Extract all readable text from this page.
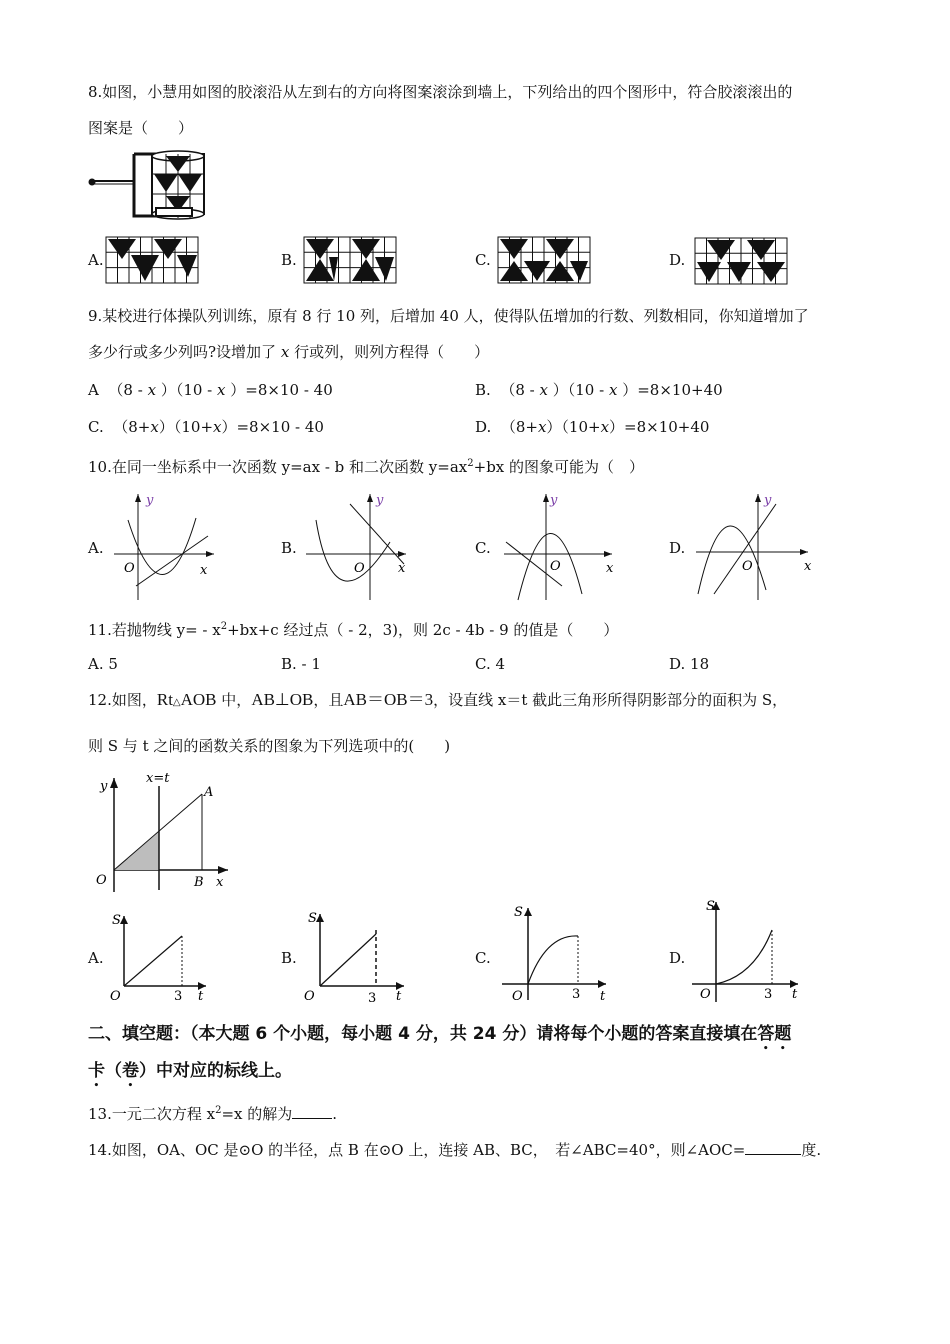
8.如图，小慧用如图的胶滚沿从左到右的方向将图案滚涂到墙上，下列给出的四个图形中，符合胶滚滚出的
图案是（　　）
A.	B.	C.	D.
9.某校进行体操队列训练，原有 8 行 10 列，后增加 40 人，使得队伍增加的行数、列数相同，你知道增加了
多少行或多少列吗?设增加了 x 行或列，则列方程得（　　）
A （8 - x ）（10 - x ）=8×10 - 40	B. （8 - x ）（10 - x ）=8×10+40
C. （8+x）（10+x）=8×10 - 40	D. （8+x）（10+x）=8×10+40
10.在同一坐标系中一次函数 y=ax - b 和二次函数 $y=ax^2+bx$ 的图象可能为（　）
A.
y
x
O
B.
y
x
O
C.
y
x
O
D.
y
x
O
11.若抛物线 $y= - x^2+bx+c$ 经过点（ - 2，3)，则 2c - 4b - 9 的值是（　　）
A. 5	B. - 1	C. 4	D. 18
12.如图，Rt△AOB 中，AB⊥OB，且AB＝OB＝3，设直线 x＝t 截此三角形所得阴影部分的面积为 S，
则 S 与 t 之间的函数关系的图象为下列选项中的(　　)
y
x=t
A
O	B x
A.
S
O	3 t
B.
S
O	3 t
C.
S
O	3 t
D.
S
O	3 t
二、填空题：（本大题 6 个小题，每小题 4 分，共 24 分）请将每个小题的答案直接填在答题
卡（卷）中对应的标线上。
13.一元二次方程 $x^2=x$ 的解为	.
14.如图，OA、OC 是⊙O 的半径，点 B 在⊙O 上，连接 AB、BC，　若∠ABC=40°，则∠AOC=	度.
